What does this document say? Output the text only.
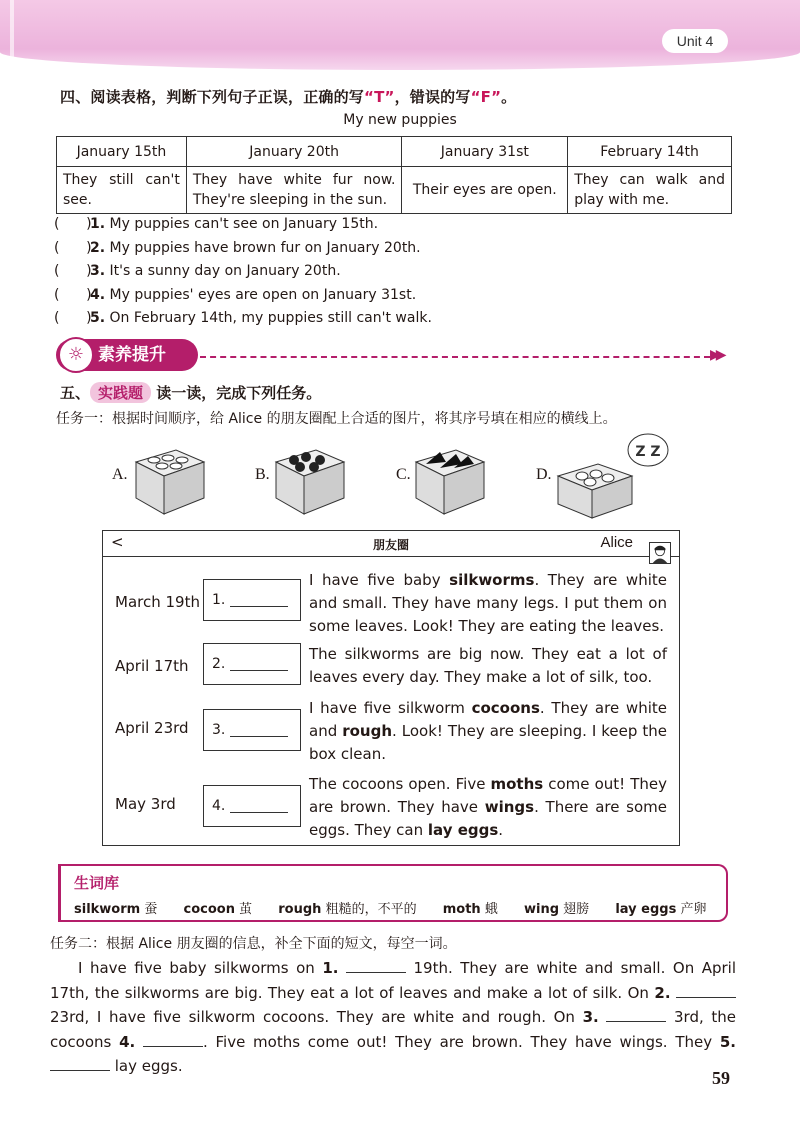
Unit 4
四、阅读表格，判断下列句子正误，正确的写“T”，错误的写“F”。
My new puppies
January 15th	January 20th	January 31st	February 14th
They still can't see.	They have white fur now. They're sleeping in the sun.	Their eyes are open.	They can walk and play with me.
(      )1. My puppies can't see on January 15th.
(      )2. My puppies have brown fur on January 20th.
(      )3. It's a sunny day on January 20th.
(      )4. My puppies' eyes are open on January 31st.
(      )5. On February 14th, my puppies still can't walk.
素养提升
☼	▶▶
五、 实践题 读一读，完成下列任务。
任务一：根据时间顺序，给 Alice 的朋友圈配上合适的图片，将其序号填在相应的横线上。
A.	B.	C.	D.
Z Z
<	朋友圈	Alice
March 19th 1.
I have five baby silkworms. They are white and small. They have many legs. I put them on some leaves. Look! They are eating the leaves.
April 17th	2.
The silkworms are big now. They eat a lot of leaves every day. They make a lot of silk, too.
April 23rd	3.
I have five silkworm cocoons. They are white and rough. Look! They are sleeping. I keep the box clean.
May 3rd	4.
The cocoons open. Five moths come out! They are brown. They have wings. There are some eggs. They can lay eggs.
生词库
silkworm 蚕 cocoon 茧 rough 粗糙的，不平的 moth 蛾 wing 翅膀 lay eggs 产卵
任务二：根据 Alice 朋友圈的信息，补全下面的短文，每空一词。
I have five baby silkworms on 1.	19th. They are white and small. On April 17th, the silkworms are big. They eat a lot of leaves and make a lot of silk. On 2.  23rd, I have five silkworm cocoons. They are white and rough. On 3.	3rd, the cocoons 4.	. Five moths come out! They are brown. They have wings. They 5.  lay eggs.
59
